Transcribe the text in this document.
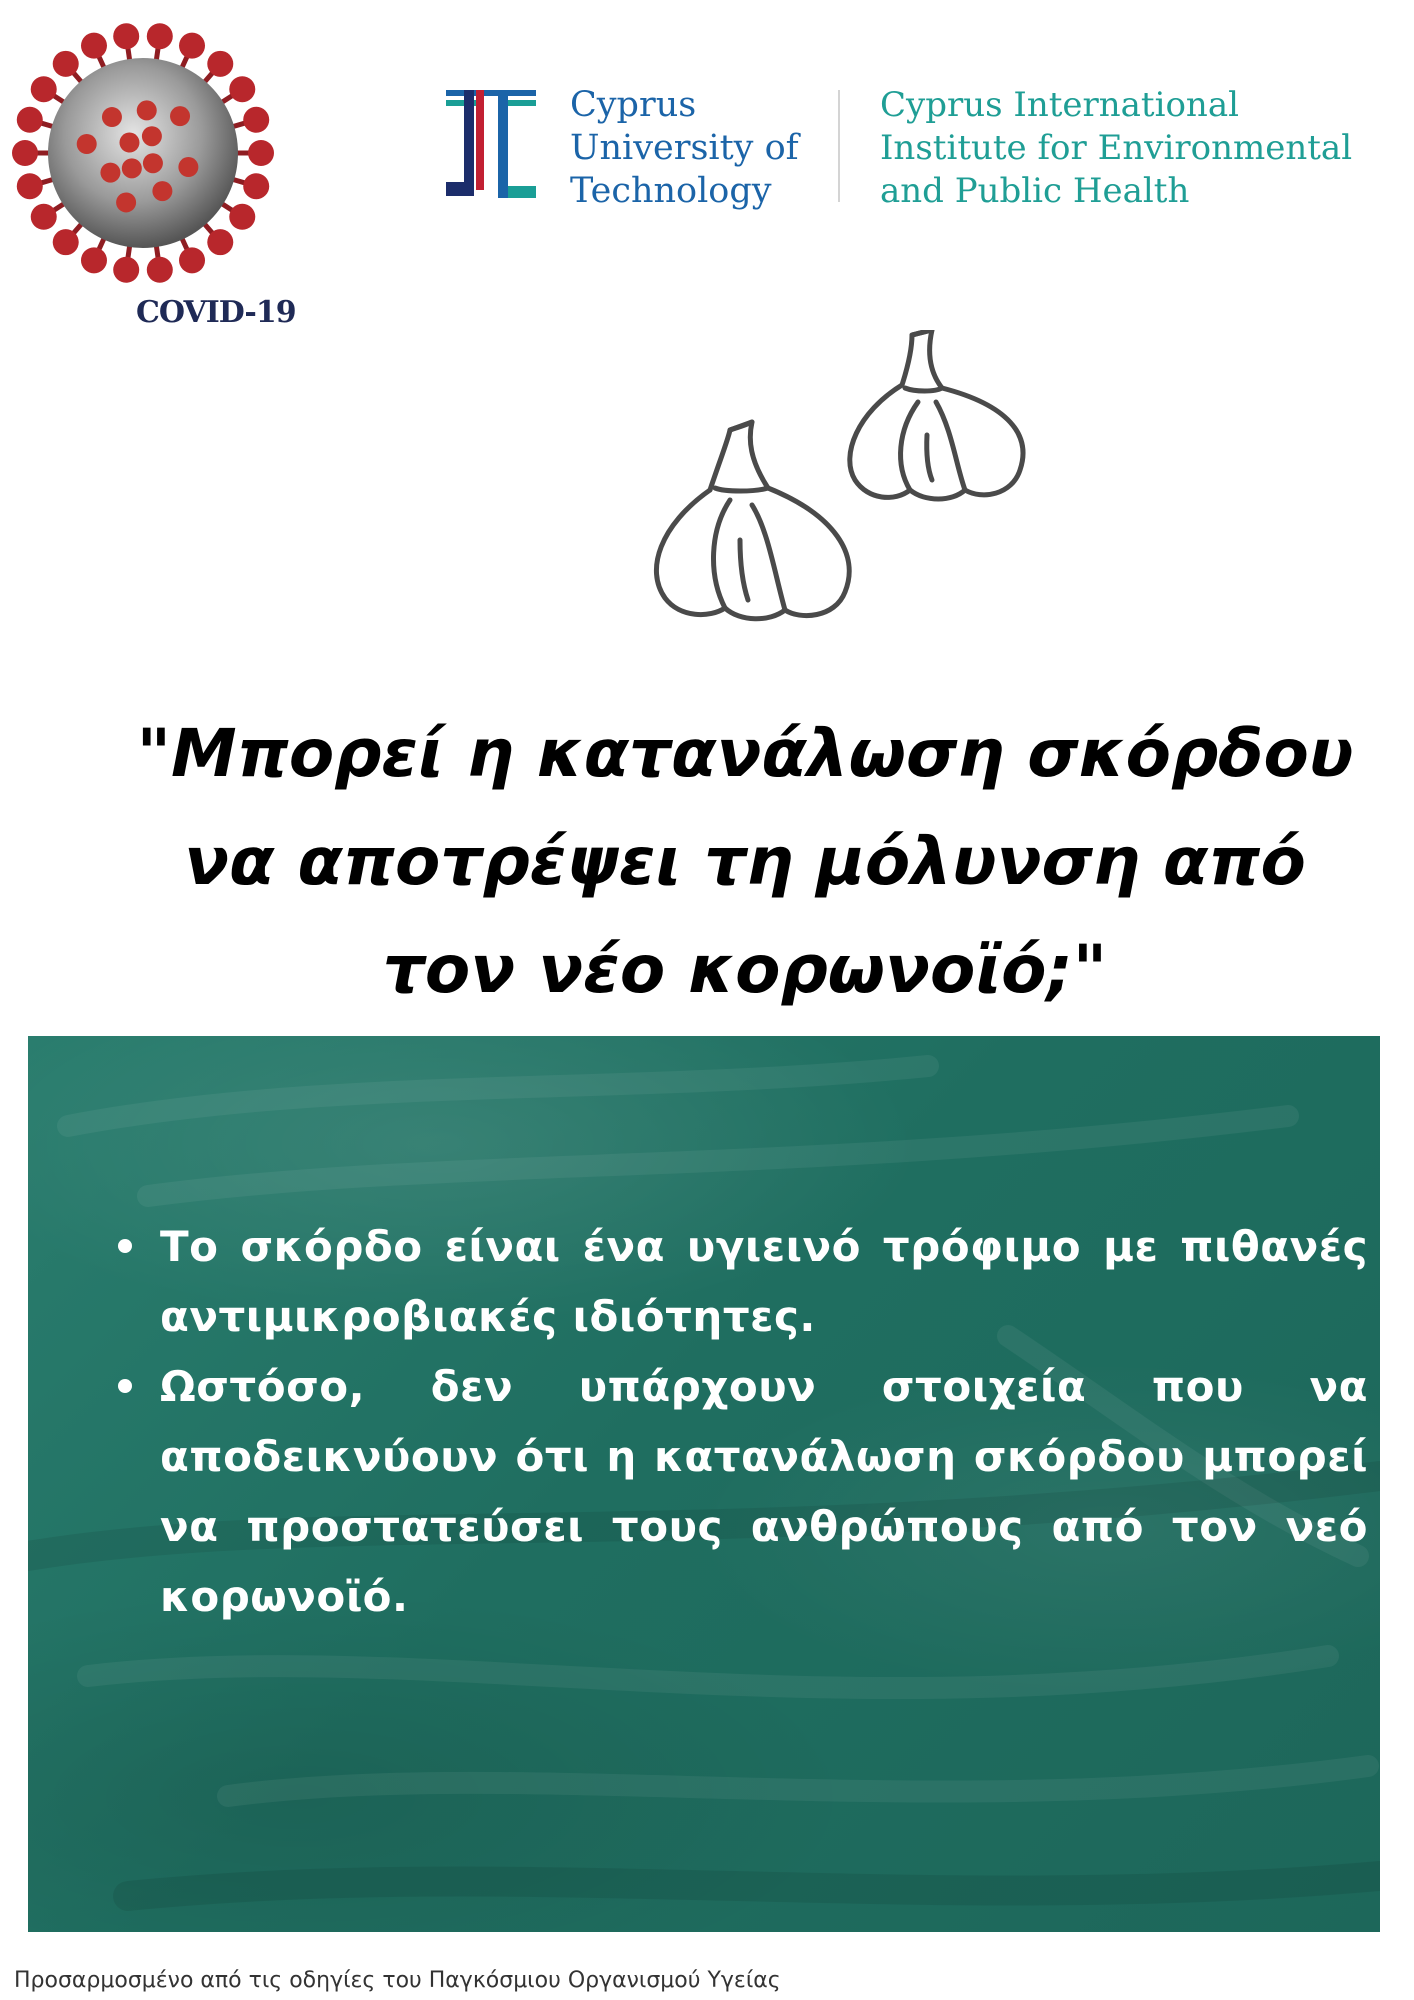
COVID-19
Cyprus
University of
Technology
Cyprus International
Institute for Environmental
and Public Health
"Μπορεί η κατανάλωση σκόρδου
να αποτρέψει τη μόλυνση από
τον νέο κορωνοϊό;"
Το σκόρδο είναι ένα υγιεινό τρόφιμο με πιθανές αντιμικροβιακές ιδιότητες.
Ωστόσο, δεν υπάρχουν στοιχεία που να αποδεικνύουν ότι η κατανάλωση σκόρδου μπορεί να προστατεύσει τους ανθρώπους από τον νεό κορωνοϊό.
Προσαρμοσμένο από τις οδηγίες του Παγκόσμιου Οργανισμού Υγείας
